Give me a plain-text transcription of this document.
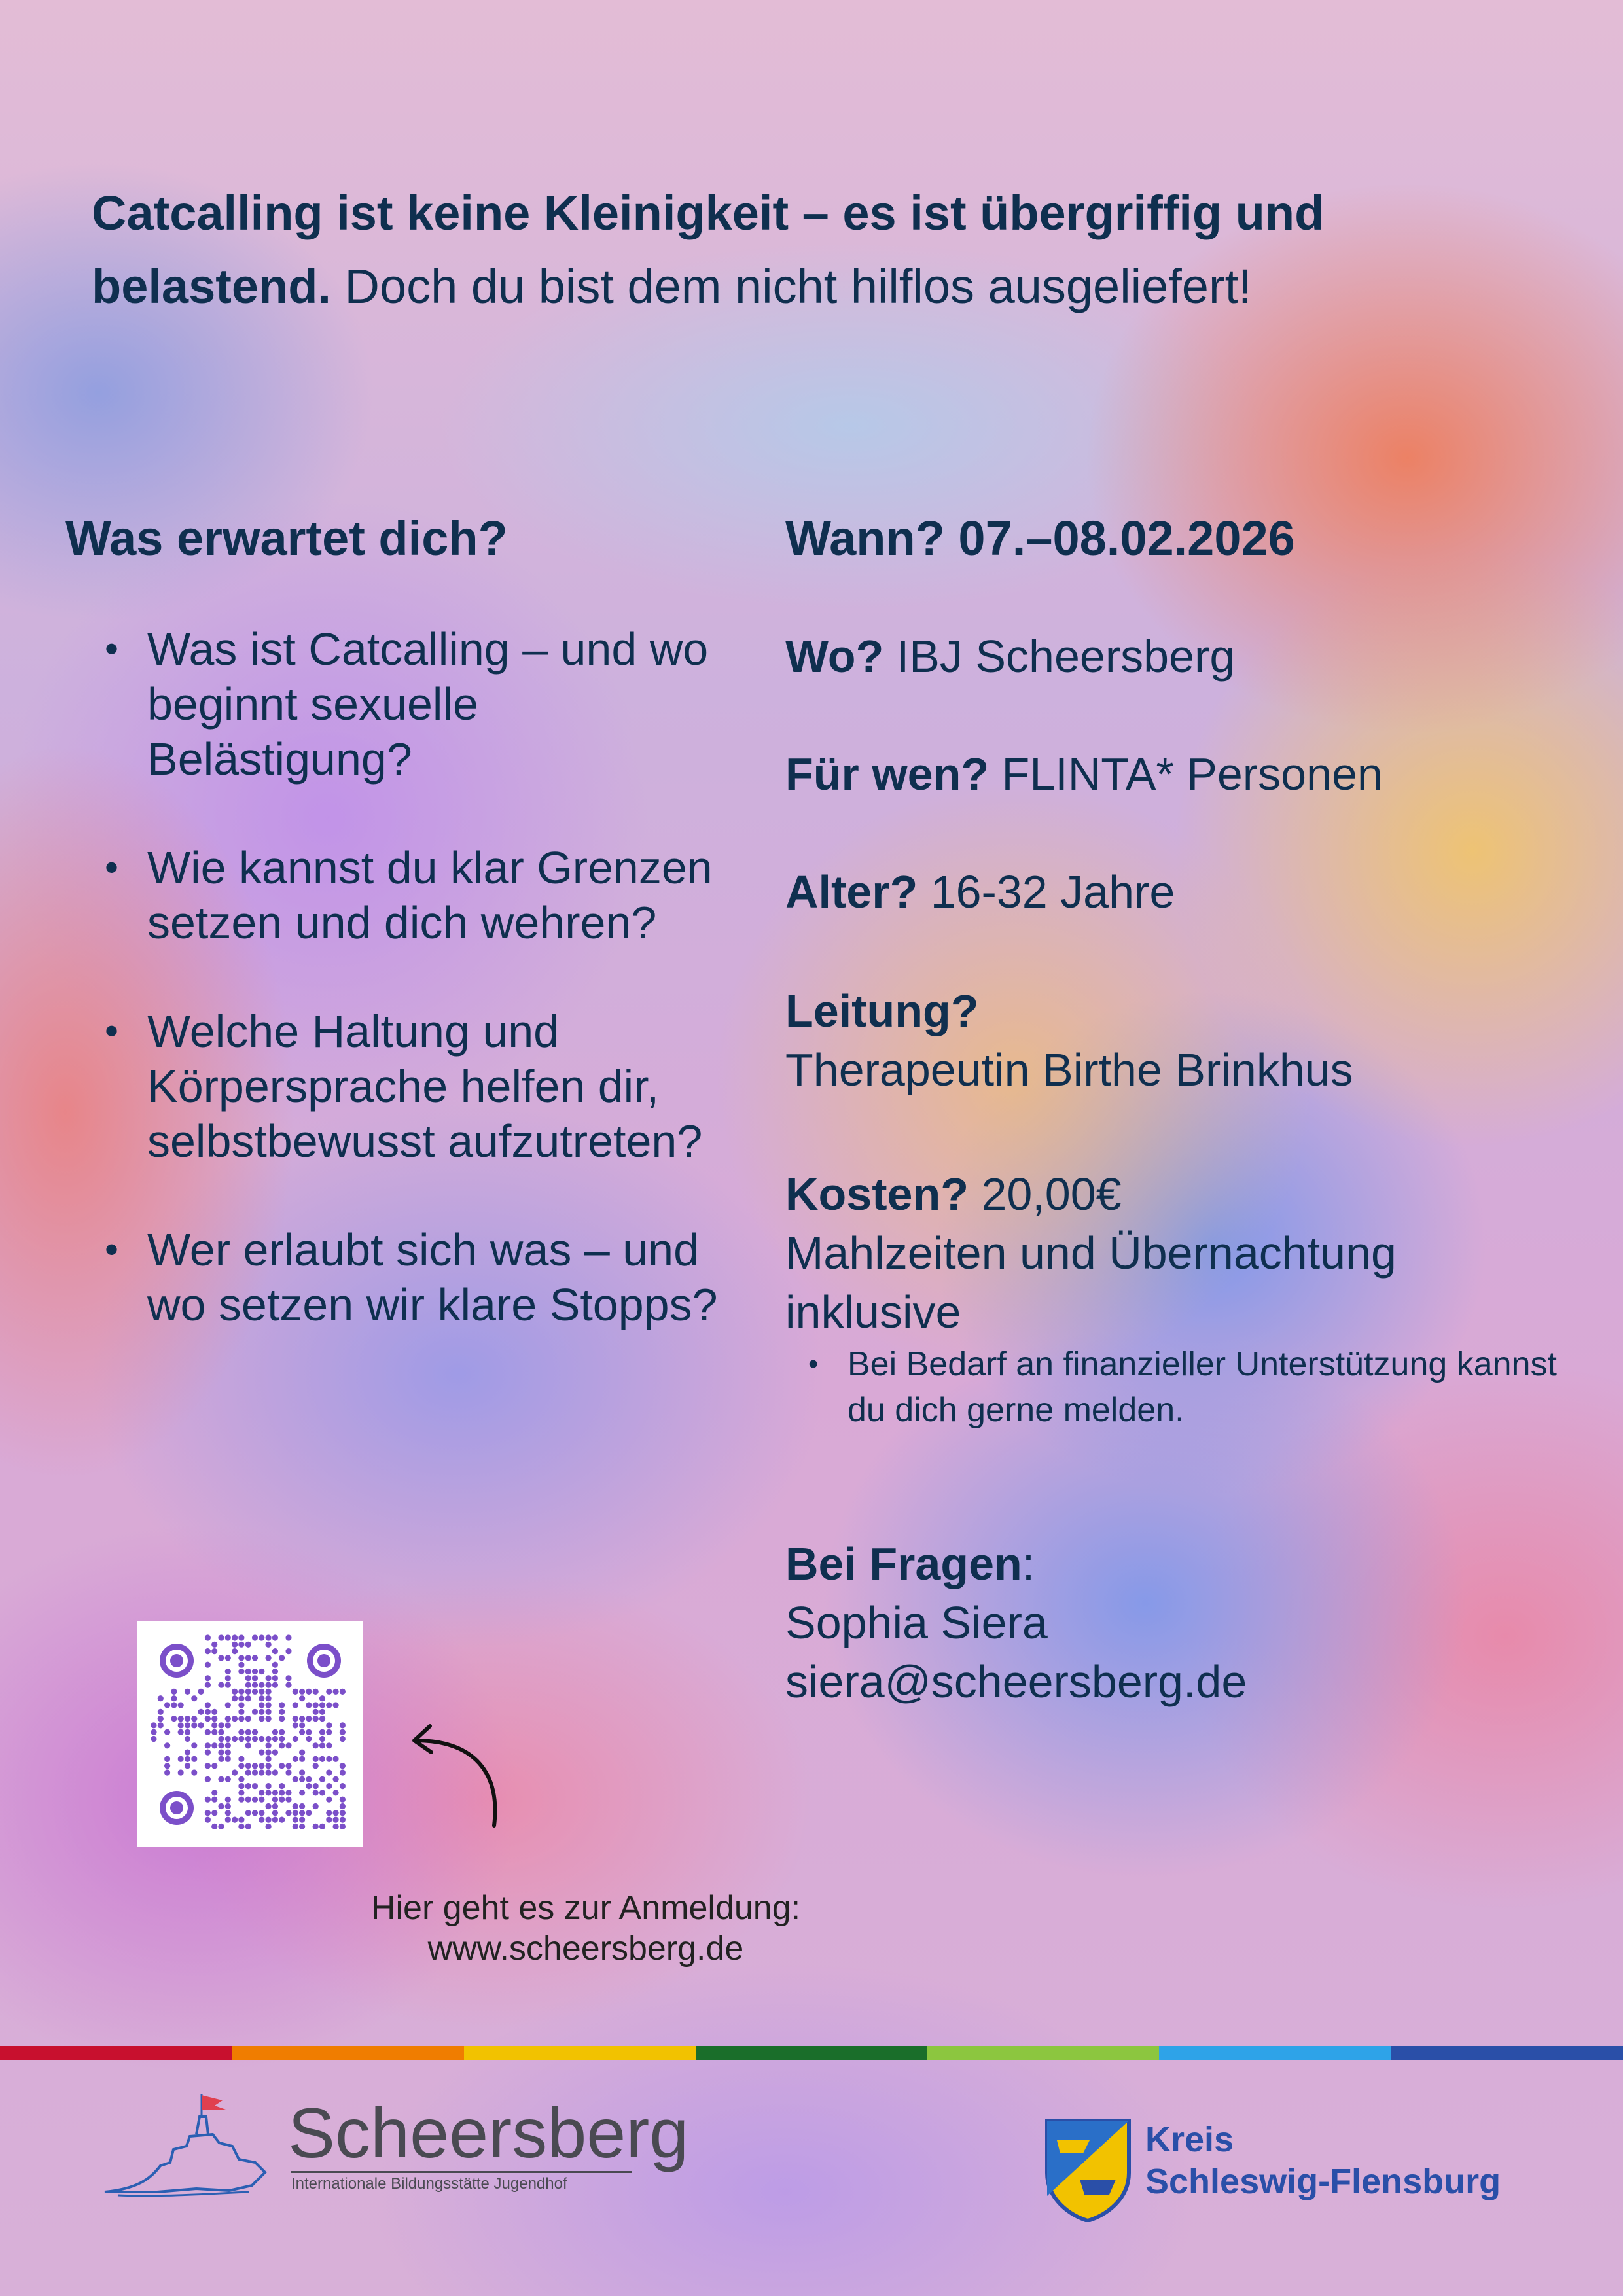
Catcalling ist keine Kleinigkeit – es ist übergriffig und belastend. Doch du bist dem nicht hilflos ausgeliefert!

Was erwartet dich?
• Was ist Catcalling – und wo beginnt sexuelle Belästigung?
• Wie kannst du klar Grenzen setzen und dich wehren?
• Welche Haltung und Körpersprache helfen dir, selbstbewusst aufzutreten?
• Wer erlaubt sich was – und wo setzen wir klare Stopps?

Wann? 07.–08.02.2026

Wo? IBJ Scheersberg

Für wen? FLINTA* Personen

Alter? 16-32 Jahre

Leitung?

Therapeutin Birthe Brinkhus

Kosten? 20,00€

Mahlzeiten und Übernachtung inklusive

• Bei Bedarf an finanzieller Unterstützung kannst du dich gerne melden.

Bei Fragen:

Sophia Siera

siera@scheersberg.de

Hier geht es zur Anmeldung:
www.scheersberg.de
Scheersberg
Internationale Bildungsstätte Jugendhof
Kreis
Schleswig-Flensburg
